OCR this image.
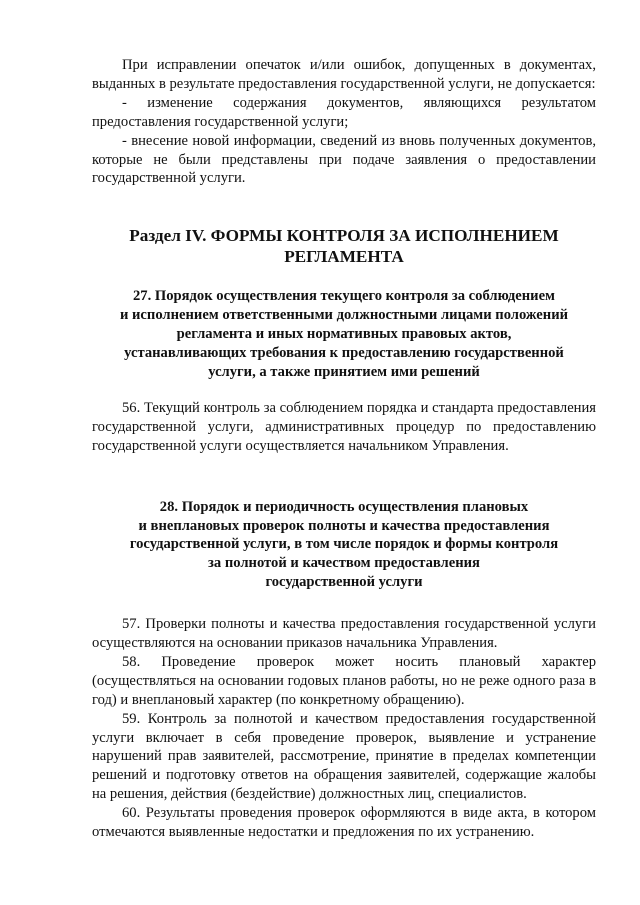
При исправлении опечаток и/или ошибок, допущенных в документах, выданных в результате предоставления государственной услуги, не допускается:

- изменение содержания документов, являющихся результатом предоставления государственной услуги;

- внесение новой информации, сведений из вновь полученных документов, которые не были представлены при подаче заявления о предоставлении государственной услуги.

Раздел IV. ФОРМЫ КОНТРОЛЯ ЗА ИСПОЛНЕНИЕМ
РЕГЛАМЕНТА
27. Порядок осуществления текущего контроля за соблюдением
и исполнением ответственными должностными лицами положений
регламента и иных нормативных правовых актов,
устанавливающих требования к предоставлению государственной
услуги, а также принятием ими решений

56. Текущий контроль за соблюдением порядка и стандарта предоставления государственной услуги, административных процедур по предоставлению государственной услуги осуществляется начальником Управления.

28. Порядок и периодичность осуществления плановых
и внеплановых проверок полноты и качества предоставления
государственной услуги, в том числе порядок и формы контроля
за полнотой и качеством предоставления
государственной услуги

57. Проверки полноты и качества предоставления государственной услуги осуществляются на основании приказов начальника Управления.

58. Проведение проверок может носить плановый характер (осуществляться на основании годовых планов работы, но не реже одного раза в год) и внеплановый характер (по конкретному обращению).

59. Контроль за полнотой и качеством предоставления государственной услуги включает в себя проведение проверок, выявление и устранение нарушений прав заявителей, рассмотрение, принятие в пределах компетенции решений и подготовку ответов на обращения заявителей, содержащие жалобы на решения, действия (бездействие) должностных лиц, специалистов.

60. Результаты проведения проверок оформляются в виде акта, в котором отмечаются выявленные недостатки и предложения по их устранению.
